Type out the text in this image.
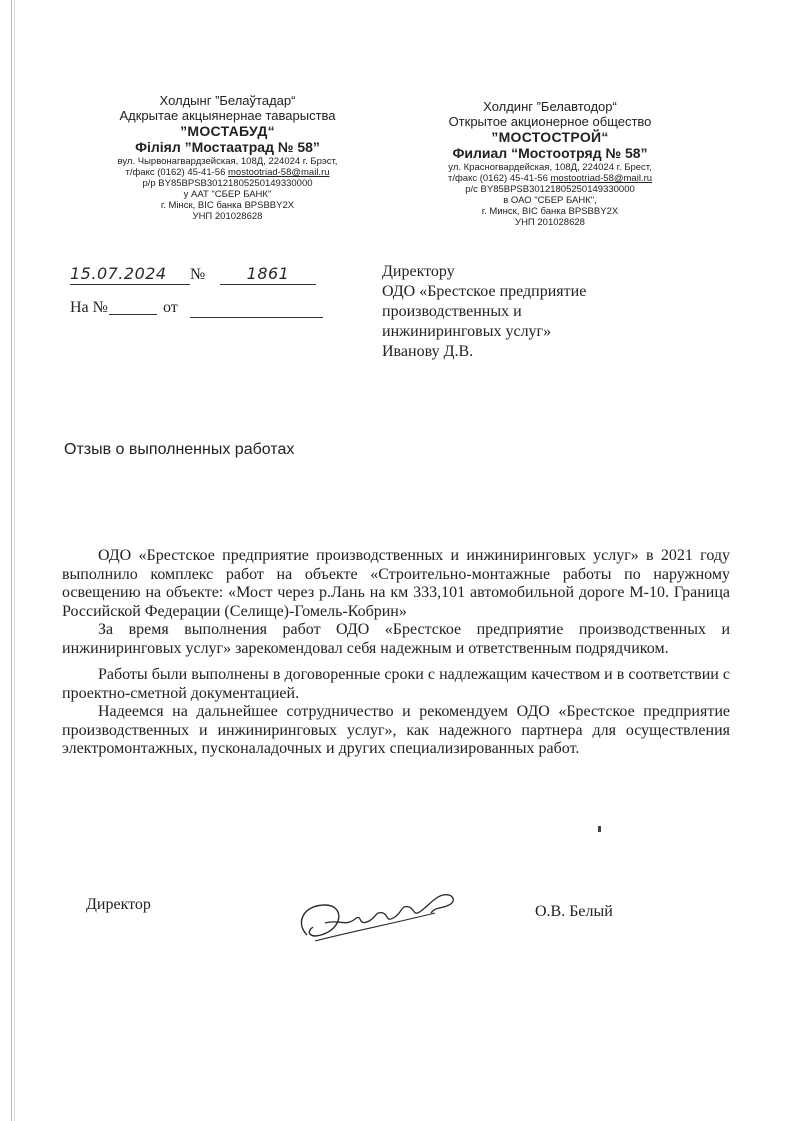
Холдынг ”Белаўтадар“
Адкрытае акцыянернае таварыства
”МОСТАБУД“
Філіял ”Мостаатрад № 58”
вул. Чырвонагвардзейская, 108Д, 224024 г. Брэст,
т/факс (0162) 45-41-56 mostootriad-58@mail.ru
р/р BY85BPSB30121805250149330000
у ААТ "СБЕР БАНК"
г. Мінск, BIC банка BPSBBY2X
УНП 201028628
Холдинг ”Белавтодор“
Открытое акционерное общество
”МОСТОСТРОЙ“
Филиал “Мостоотряд № 58”
ул. Красногвардейская, 108Д, 224024 г. Брест,
т/факс (0162) 45-41-56 mostootriad-58@mail.ru
р/с BY85BPSB30121805250149330000
в ОАО "СБЕР БАНК",
г. Минск, BIC банка BPSBBY2X
УНП 201028628
15.07.2024	№	1861
На №	от
Директору
ОДО «Брестское предприятие
производственных и
инжиниринговых услуг»
Иванову Д.В.
Отзыв о выполненных работах

ОДО «Брестское предприятие производственных и инжиниринговых услуг» в 2021 году выполнило комплекс работ на объекте «Строительно-монтажные работы по наружному освещению на объекте: «Мост через р.Лань на км 333,101 автомобильной дороге М-10. Граница Российской Федерации (Селище)-Гомель-Кобрин»

За время выполнения работ ОДО «Брестское предприятие производственных и инжиниринговых услуг» зарекомендовал себя надежным и ответственным подрядчиком.

Работы были выполнены в договоренные сроки с надлежащим качеством и в соответствии с проектно-сметной документацией.

Надеемся на дальнейшее сотрудничество и рекомендуем ОДО «Брестское предприятие производственных и инжиниринговых услуг», как надежного партнера для осуществления электромонтажных, пусконаладочных и других специализированных работ.

Директор	О.В. Белый
